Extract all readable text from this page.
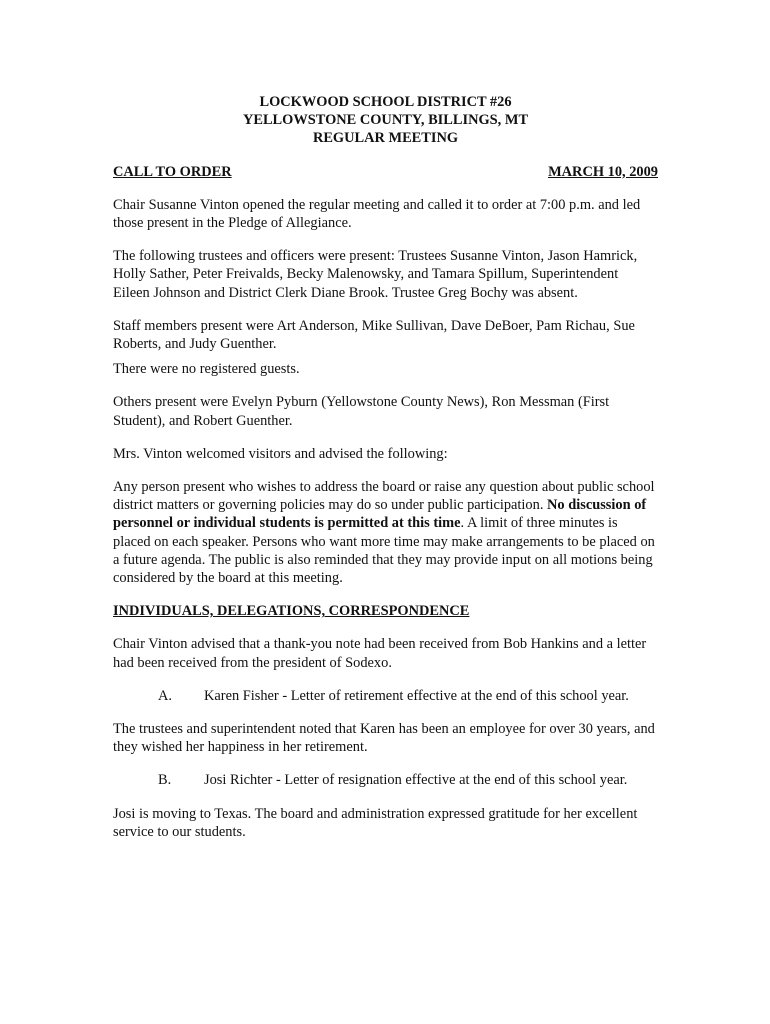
LOCKWOOD SCHOOL DISTRICT #26

YELLOWSTONE COUNTY, BILLINGS, MT

REGULAR MEETING

CALL TO ORDER	MARCH 10, 2009

Chair Susanne Vinton opened the regular meeting and called it to order at 7:00 p.m. and led those present in the Pledge of Allegiance.

The following trustees and officers were present: Trustees Susanne Vinton, Jason Hamrick, Holly Sather, Peter Freivalds, Becky Malenowsky, and Tamara Spillum, Superintendent Eileen Johnson and District Clerk Diane Brook. Trustee Greg Bochy was absent.

Staff members present were Art Anderson, Mike Sullivan, Dave DeBoer, Pam Richau, Sue Roberts, and Judy Guenther.

There were no registered guests.

Others present were Evelyn Pyburn (Yellowstone County News), Ron Messman (First Student), and Robert Guenther.

Mrs. Vinton welcomed visitors and advised the following:

Any person present who wishes to address the board or raise any question about public school district matters or governing policies may do so under public participation. No discussion of personnel or individual students is permitted at this time. A limit of three minutes is placed on each speaker. Persons who want more time may make arrangements to be placed on a future agenda. The public is also reminded that they may provide input on all motions being considered by the board at this meeting.

INDIVIDUALS, DELEGATIONS, CORRESPONDENCE

Chair Vinton advised that a thank-you note had been received from Bob Hankins and a letter had been received from the president of Sodexo.

A.	Karen Fisher - Letter of retirement effective at the end of this school year.

The trustees and superintendent noted that Karen has been an employee for over 30 years, and they wished her happiness in her retirement.

B.	Josi Richter - Letter of resignation effective at the end of this school year.

Josi is moving to Texas. The board and administration expressed gratitude for her excellent service to our students.
